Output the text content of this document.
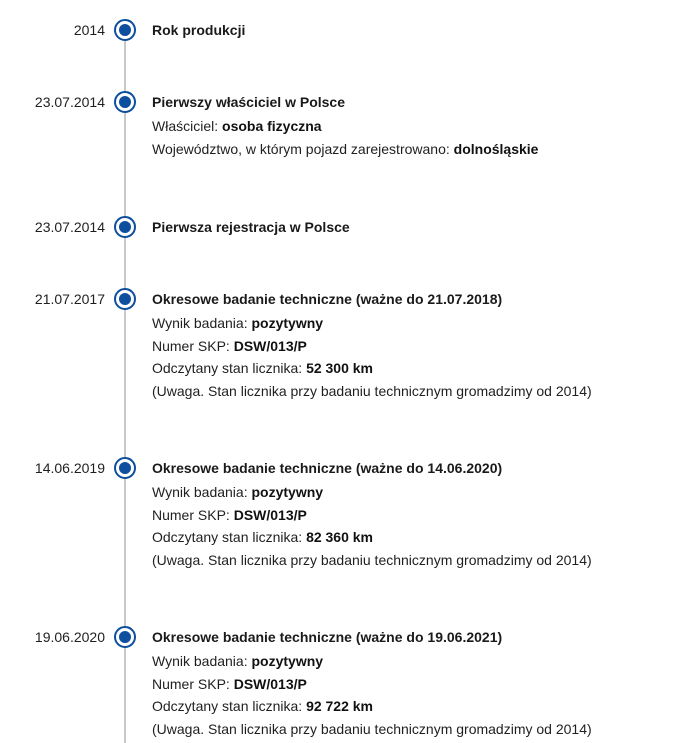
2014	Rok produkcji
23.07.2014	Pierwszy właściciel w Polsce
Właściciel: osoba fizyczna
Województwo, w którym pojazd zarejestrowano: dolnośląskie
23.07.2014	Pierwsza rejestracja w Polsce
21.07.2017	Okresowe badanie techniczne (ważne do 21.07.2018)
Wynik badania: pozytywny
Numer SKP: DSW/013/P
Odczytany stan licznika: 52 300 km
(Uwaga. Stan licznika przy badaniu technicznym gromadzimy od 2014)
14.06.2019	Okresowe badanie techniczne (ważne do 14.06.2020)
Wynik badania: pozytywny
Numer SKP: DSW/013/P
Odczytany stan licznika: 82 360 km
(Uwaga. Stan licznika przy badaniu technicznym gromadzimy od 2014)
19.06.2020	Okresowe badanie techniczne (ważne do 19.06.2021)
Wynik badania: pozytywny
Numer SKP: DSW/013/P
Odczytany stan licznika: 92 722 km
(Uwaga. Stan licznika przy badaniu technicznym gromadzimy od 2014)
